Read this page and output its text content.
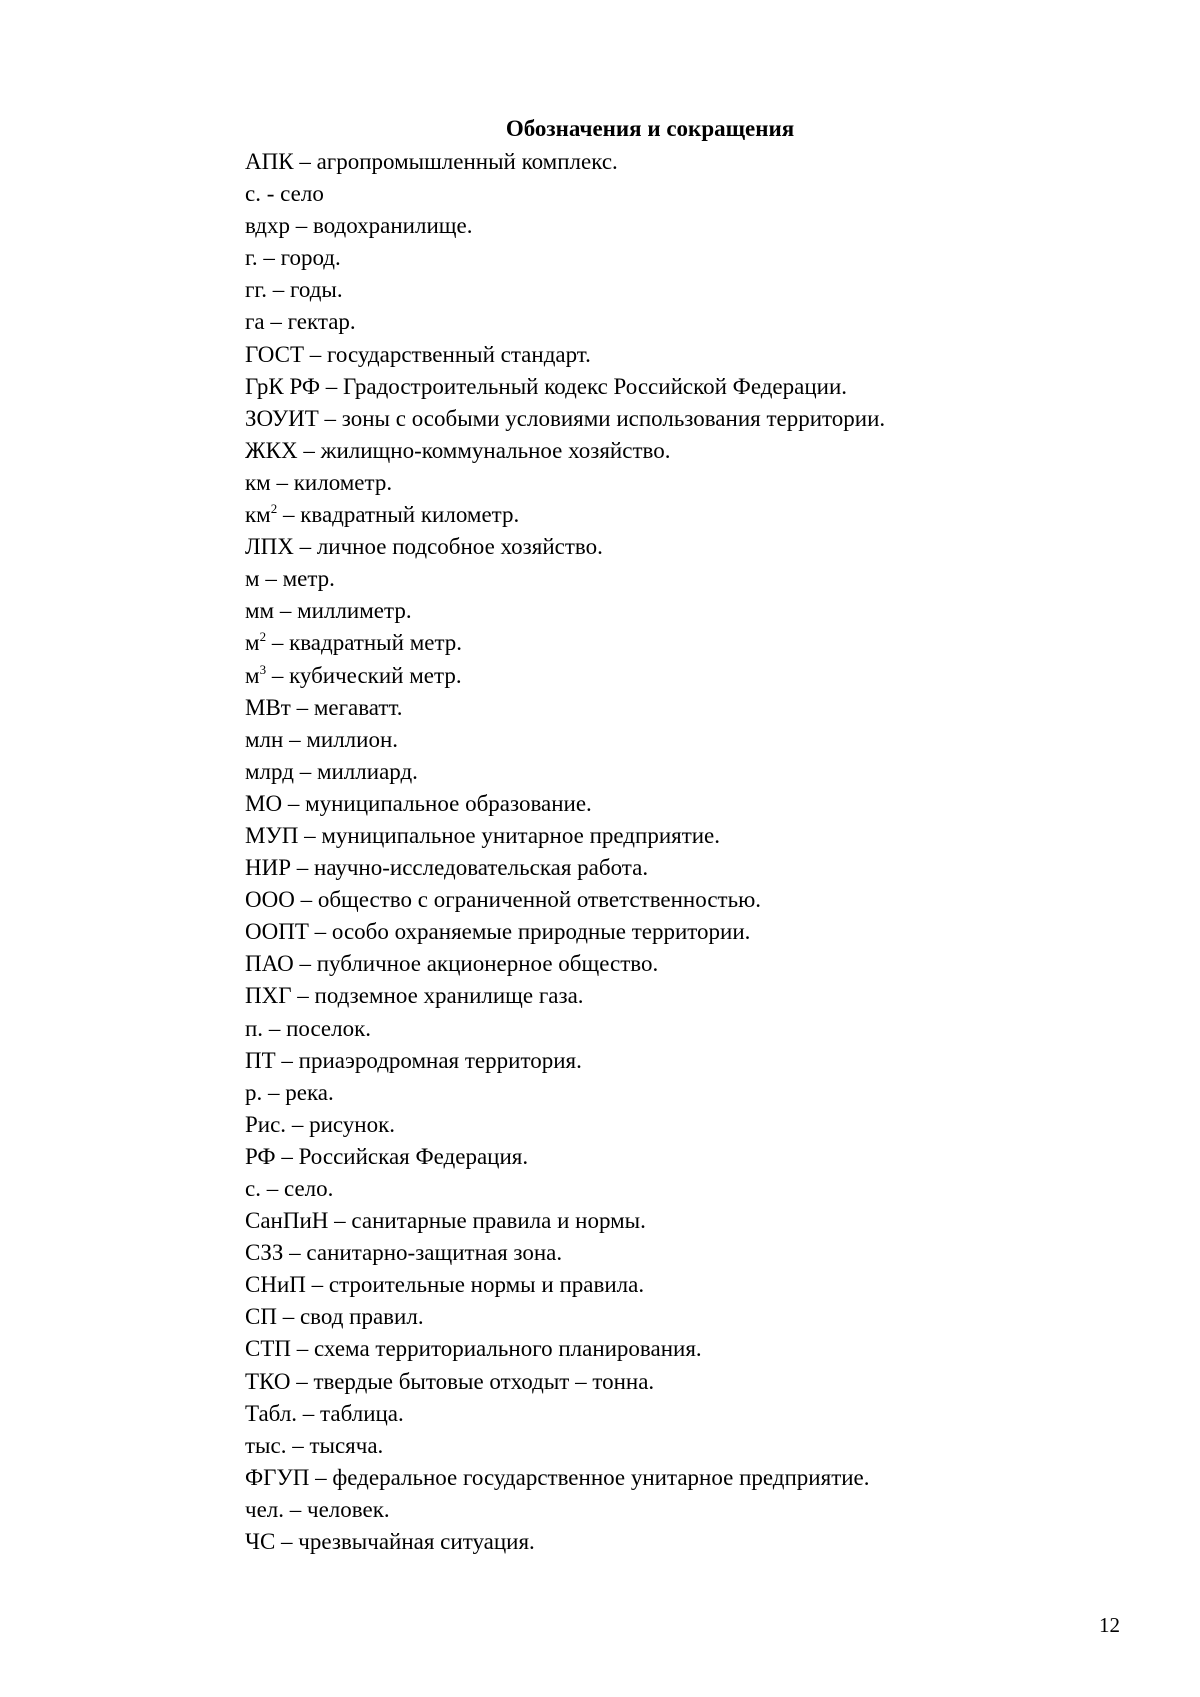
Обозначения и сокращения
АПК – агропромышленный комплекс.
с. - село
вдхр – водохранилище.
г. – город.
гг. – годы.
га – гектар.
ГОСТ – государственный стандарт.
ГрК РФ – Градостроительный кодекс Российской Федерации.
ЗОУИТ – зоны с особыми условиями использования территории.
ЖКХ – жилищно-коммунальное хозяйство.
км – километр.
$км^2$ – квадратный километр.
ЛПХ – личное подсобное хозяйство.
м – метр.
мм – миллиметр.
$м^2$ – квадратный метр.
$м^3$ – кубический метр.
МВт – мегаватт.
млн – миллион.
млрд – миллиард.
МО – муниципальное образование.
МУП – муниципальное унитарное предприятие.
НИР – научно-исследовательская работа.
ООО – общество с ограниченной ответственностью.
ООПТ – особо охраняемые природные территории.
ПАО – публичное акционерное общество.
ПХГ – подземное хранилище газа.
п. – поселок.
ПТ – приаэродромная территория.
р. – река.
Рис. – рисунок.
РФ – Российская Федерация.
с. – село.
СанПиН – санитарные правила и нормы.
СЗЗ – санитарно-защитная зона.
СНиП – строительные нормы и правила.
СП – свод правил.
СТП – схема территориального планирования.
ТКО – твердые бытовые отходыт – тонна.
Табл. – таблица.
тыс. – тысяча.
ФГУП – федеральное государственное унитарное предприятие.
чел. – человек.
ЧС – чрезвычайная ситуация.
12
